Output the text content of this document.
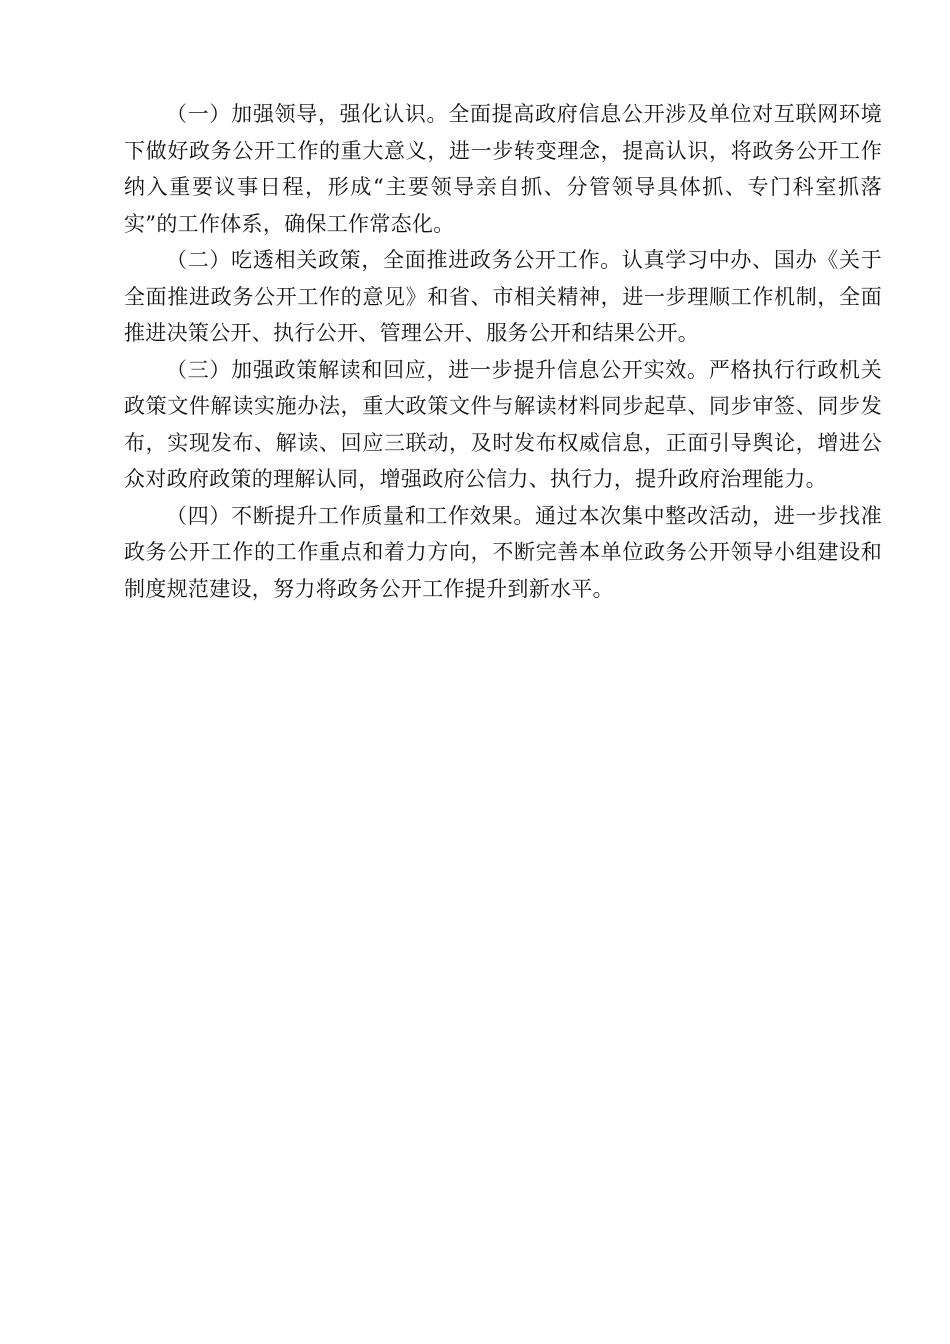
（一）加强领导，强化认识。全面提高政府信息公开涉及单位对互联网环境下做好政务公开工作的重大意义，进一步转变理念，提高认识，将政务公开工作纳入重要议事日程，形成“主要领导亲自抓、分管领导具体抓、专门科室抓落实”的工作体系，确保工作常态化。

（二）吃透相关政策，全面推进政务公开工作。认真学习中办、国办《关于全面推进政务公开工作的意见》和省、市相关精神，进一步理顺工作机制，全面推进决策公开、执行公开、管理公开、服务公开和结果公开。

（三）加强政策解读和回应，进一步提升信息公开实效。严格执行行政机关政策文件解读实施办法，重大政策文件与解读材料同步起草、同步审签、同步发布，实现发布、解读、回应三联动，及时发布权威信息，正面引导舆论，增进公众对政府政策的理解认同，增强政府公信力、执行力，提升政府治理能力。

（四）不断提升工作质量和工作效果。通过本次集中整改活动，进一步找准政务公开工作的工作重点和着力方向，不断完善本单位政务公开领导小组建设和制度规范建设，努力将政务公开工作提升到新水平。
